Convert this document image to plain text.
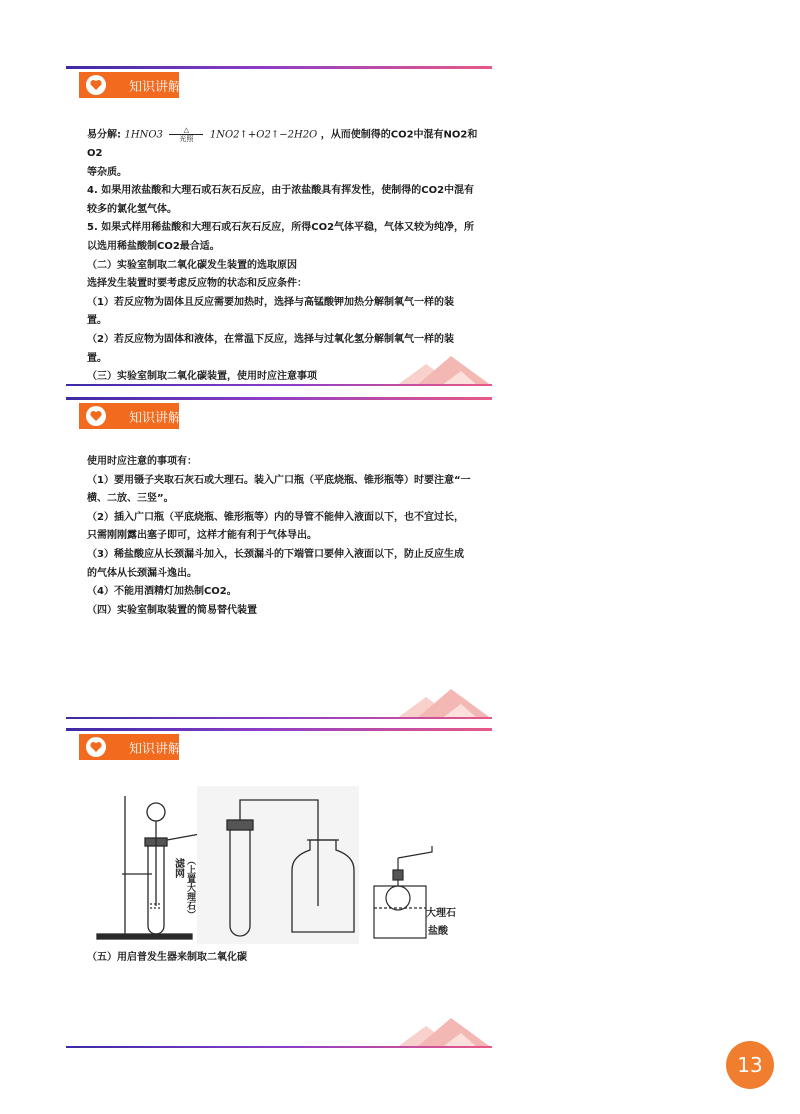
知识讲解

易分解: $1HNO3 \frac{\triangle}{\text{光照}}$ 1NO2↑+O2↑−2H2O ，从而使制得的CO2中混有NO2和O2

等杂质。

4. 如果用浓盐酸和大理石或石灰石反应，由于浓盐酸具有挥发性，使制得的CO2中混有

较多的氯化氢气体。

5. 如果式样用稀盐酸和大理石或石灰石反应，所得CO2气体平稳，气体又较为纯净，所

以选用稀盐酸制CO2最合适。

（二）实验室制取二氧化碳发生装置的选取原因

选择发生装置时要考虑反应物的状态和反应条件：

（1）若反应物为固体且反应需要加热时，选择与高锰酸钾加热分解制氧气一样的装

置。

（2）若反应物为固体和液体，在常温下反应，选择与过氧化氢分解制氧气一样的装

置。

（三）实验室制取二氧化碳装置，使用时应注意事项

知识讲解

使用时应注意的事项有：

（1）要用镊子夹取石灰石或大理石。装入广口瓶（平底烧瓶、锥形瓶等）时要注意“一

横、二放、三竖”。

（2）插入广口瓶（平底烧瓶、锥形瓶等）内的导管不能伸入液面以下，也不宜过长，

只需刚刚露出塞子即可，这样才能有利于气体导出。

（3）稀盐酸应从长颈漏斗加入，长颈漏斗的下端管口要伸入液面以下，防止反应生成

的气体从长颈漏斗逸出。

（4）不能用酒精灯加热制CO2。

（四）实验室制取装置的简易替代装置

知识讲解

（五）用启普发生器来制取二氧化碳

滤网 （上置大理石）	大理石
盐酸
13
